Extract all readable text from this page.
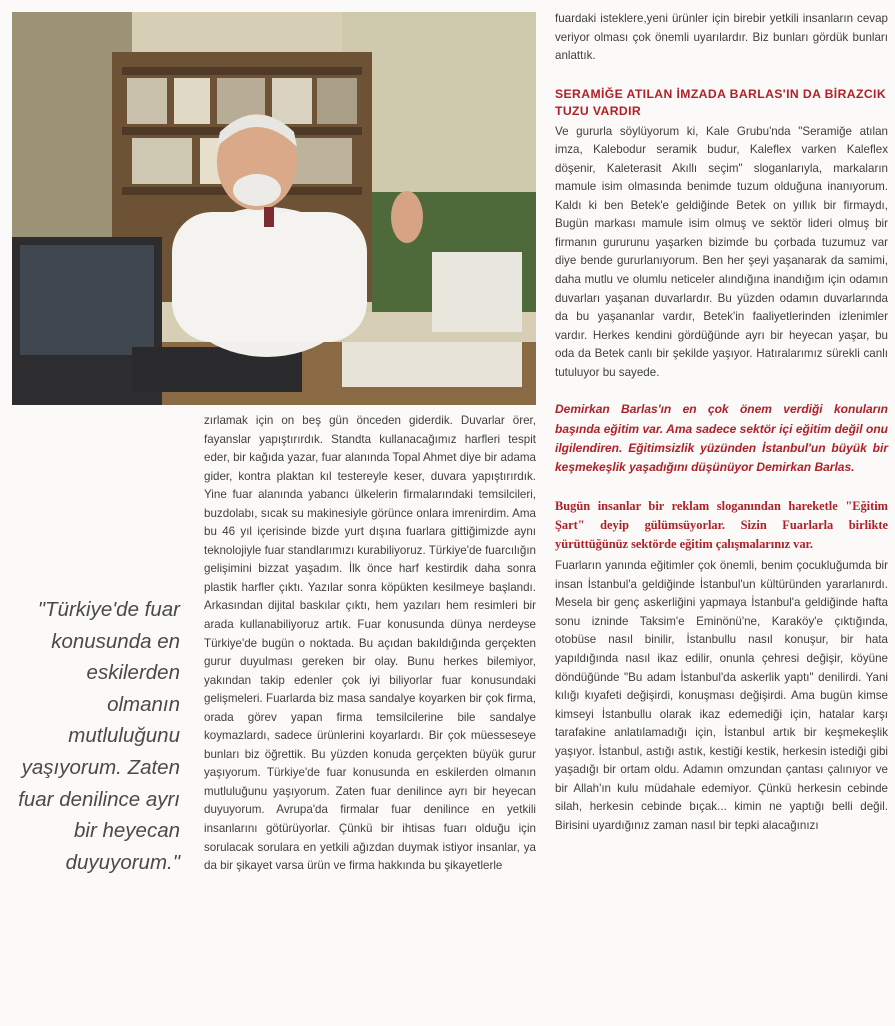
"Türkiye'de fuar konusunda en eskilerden olmanın mutluluğunu yaşıyorum. Zaten fuar denilince ayrı bir heyecan duyuyorum."

zırlamak için on beş gün önceden giderdik. Duvarlar örer, fayanslar yapıştırırdık. Standta kullanacağımız harfleri tespit eder, bir kağıda yazar, fuar alanında Topal Ahmet diye bir adama gider, kontra plaktan kıl testereyle keser, duvara yapıştırırdık. Yine fuar alanında yabancı ülkelerin firmalarındaki temsilcileri, buzdolabı, sıcak su makinesiyle görünce onlara imrenirdim. Ama bu 46 yıl içerisinde bizde yurt dışına fuarlara gittiğimizde aynı teknolojiyle fuar standlarımızı kurabiliyoruz. Türkiye'de fuarcılığın gelişimini bizzat yaşadım. İlk önce harf kestirdik daha sonra plastik harfler çıktı. Yazılar sonra köpükten kesilmeye başlandı. Arkasından dijital baskılar çıktı, hem yazıları hem resimleri bir arada kullanabiliyoruz artık. Fuar konusunda dünya nerdeyse Türkiye'de bugün o noktada. Bu açıdan bakıldığında gerçekten gurur duyulması gereken bir olay. Bunu herkes bilemiyor, yakından takip edenler çok iyi biliyorlar fuar konusundaki gelişmeleri. Fuarlarda biz masa sandalye koyarken bir çok firma, orada görev yapan firma temsilcilerine bile sandalye koymazlardı, sadece ürünlerini koyarlardı. Bir çok müesseseye bunları biz öğrettik. Bu yüzden konuda gerçekten büyük gurur yaşıyorum. Türkiye'de fuar konusunda en eskilerden olmanın mutluluğunu yaşıyorum. Zaten fuar denilince ayrı bir heyecan duyuyorum. Avrupa'da firmalar fuar denilince en yetkili insanlarını götürüyorlar. Çünkü bir ihtisas fuarı olduğu için sorulacak sorulara en yetkili ağızdan duymak istiyor insanlar, ya da bir şikayet varsa ürün ve firma hakkında bu şikayetlerle

fuardaki isteklere,yeni ürünler için birebir yetkili insanların cevap veriyor olması çok önemli uyarılardır. Biz bunları gördük bunları anlattık.

SERAMİĞE ATILAN İMZADA BARLAS'IN DA BİRAZCIK TUZU VARDIR

Ve gururla söylüyorum ki, Kale Grubu'nda "Seramiğe atılan imza, Kalebodur seramik budur, Kaleflex varken Kaleflex döşenir, Kaleterasit Akıllı seçim" sloganlarıyla, markaların mamule isim olmasında benimde tuzum olduğuna inanıyorum. Kaldı ki ben Betek'e geldiğinde Betek on yıllık bir firmaydı, Bugün markası mamule isim olmuş ve sektör lideri olmuş bir firmanın gururunu yaşarken bizimde bu çorbada tuzumuz var diye bende gururlanıyorum. Ben her şeyi yaşanarak da samimi, daha mutlu ve olumlu neticeler alındığına inandığım için odamın duvarları yaşanan duvarlardır. Bu yüzden odamın duvarlarında da bu yaşananlar vardır, Betek'in faaliyetlerinden izlenimler vardır. Herkes kendini gördüğünde ayrı bir heyecan yaşar, bu oda da Betek canlı bir şekilde yaşıyor. Hatıralarımız sürekli canlı tutuluyor bu sayede.

Demirkan Barlas'ın en çok önem verdiği konuların başında eğitim var. Ama sadece sektör içi eğitim değil onu ilgilendiren. Eğitimsizlik yüzünden İstanbul'un büyük bir keşmekeşlik yaşadığını düşünüyor Demirkan Barlas.

Bugün insanlar bir reklam sloganından hareketle "Eğitim Şart" deyip gülümsüyorlar. Sizin Fuarlarla birlikte yürüttüğünüz sektörde eğitim çalışmalarınız var.

Fuarların yanında eğitimler çok önemli, benim çocukluğumda bir insan İstanbul'a geldiğinde İstanbul'un kültüründen yararlanırdı. Mesela bir genç askerliğini yapmaya İstanbul'a geldiğinde hafta sonu izninde Taksim'e Eminönü'ne, Karaköy'e çıktığında, otobüse nasıl binilir, İstanbullu nasıl konuşur, bir hata yapıldığında nasıl ikaz edilir, onunla çehresi değişir, köyüne döndüğünde "Bu adam İstanbul'da askerlik yaptı" denilirdi. Yani kılığı kıyafeti değişirdi, konuşması değişirdi. Ama bugün kimse kimseyi İstanbullu olarak ikaz edemediği için, hatalar karşı tarafakine anlatılamadığı için, İstanbul artık bir keşmekeşlik yaşıyor. İstanbul, astığı astık, kestiği kestik, herkesin istediği gibi yaşadığı bir ortam oldu. Adamın omzundan çantası çalınıyor ve bir Allah'ın kulu müdahale edemiyor. Çünkü herkesin cebinde silah, herkesin cebinde bıçak... kimin ne yaptığı belli değil. Birisini uyardığınız zaman nasıl bir tepki alacağınızı
